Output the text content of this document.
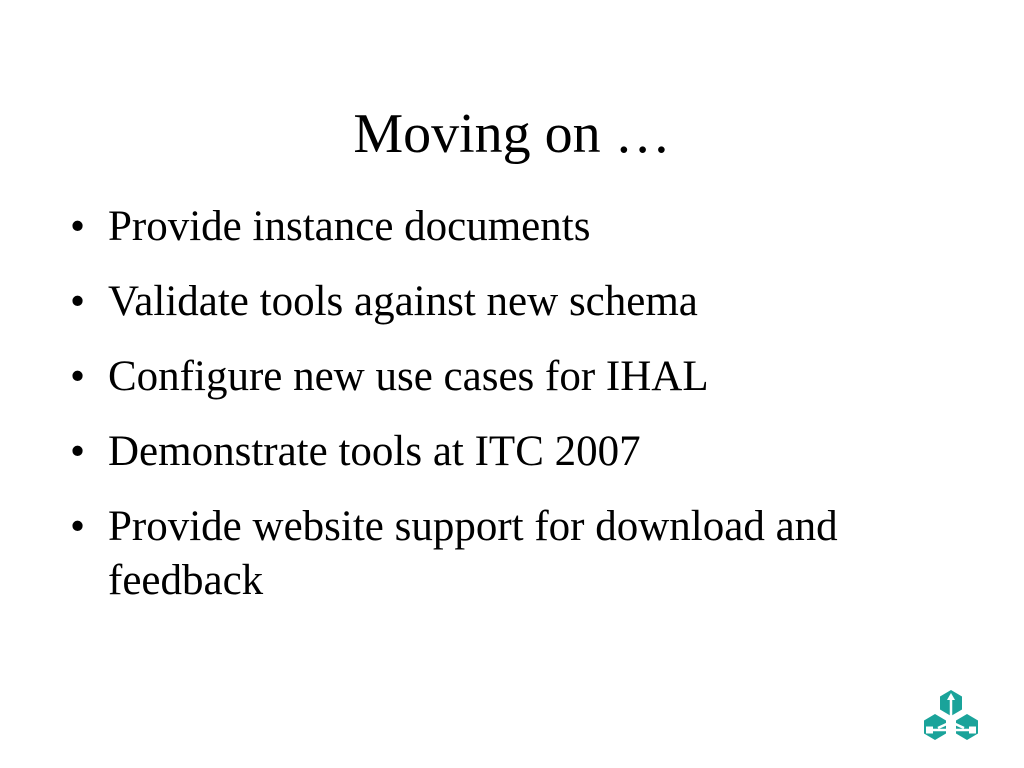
Moving on …
• Provide instance documents
• Validate tools against new schema
• Configure new use cases for IHAL
• Demonstrate tools at ITC 2007
• Provide website support for download and feedback
